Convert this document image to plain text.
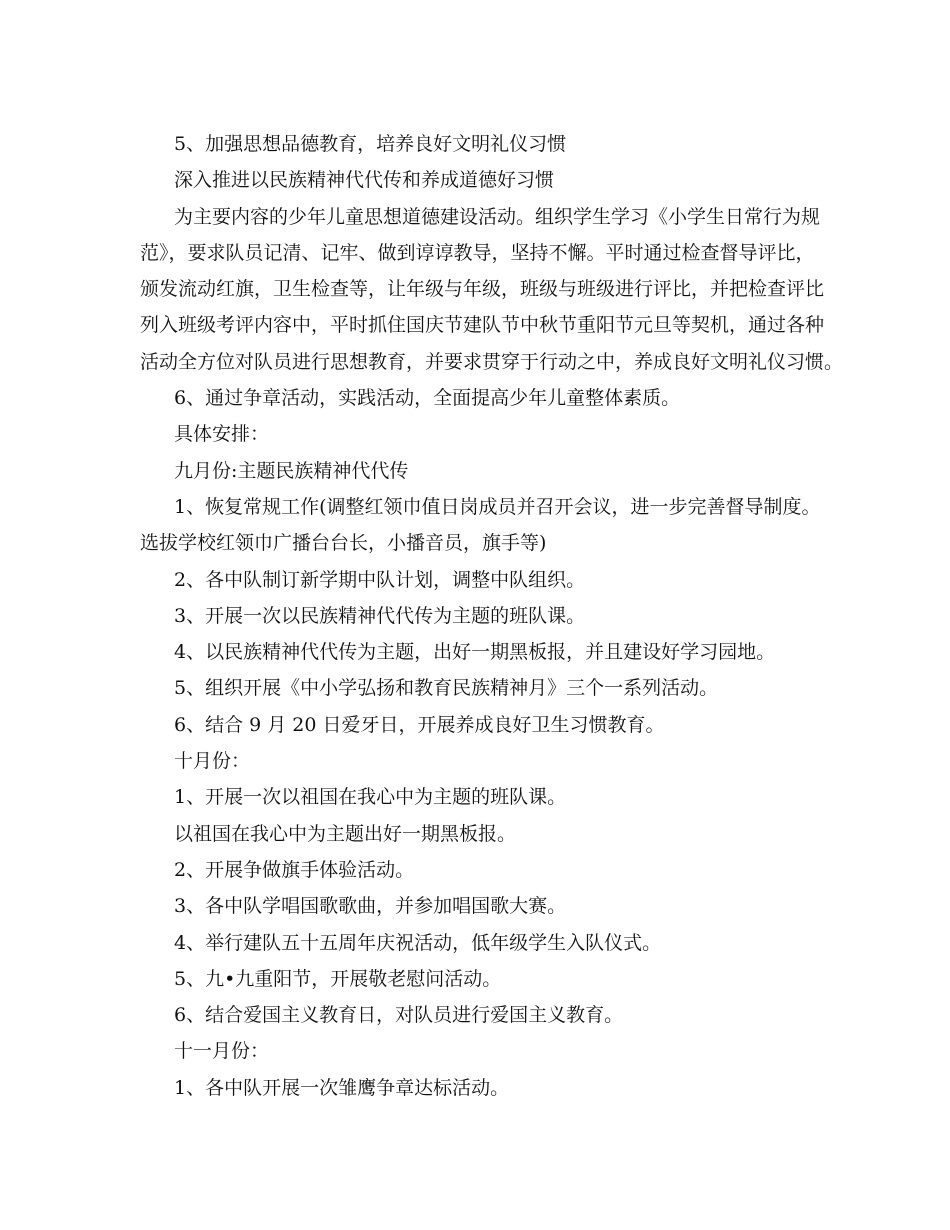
5、加强思想品德教育，培养良好文明礼仪习惯
深入推进以民族精神代代传和养成道德好习惯
为主要内容的少年儿童思想道德建设活动。组织学生学习《小学生日常行为规
范》，要求队员记清、记牢、做到谆谆教导，坚持不懈。平时通过检查督导评比，
颁发流动红旗，卫生检查等，让年级与年级，班级与班级进行评比，并把检查评比
列入班级考评内容中，平时抓住国庆节建队节中秋节重阳节元旦等契机，通过各种
活动全方位对队员进行思想教育，并要求贯穿于行动之中，养成良好文明礼仪习惯。
6、通过争章活动，实践活动，全面提高少年儿童整体素质。
具体安排：
九月份:主题民族精神代代传
1、恢复常规工作(调整红领巾值日岗成员并召开会议，进一步完善督导制度。
选拔学校红领巾广播台台长，小播音员，旗手等)
2、各中队制订新学期中队计划，调整中队组织。
3、开展一次以民族精神代代传为主题的班队课。
4、以民族精神代代传为主题，出好一期黑板报，并且建设好学习园地。
5、组织开展《中小学弘扬和教育民族精神月》三个一系列活动。
6、结合 9 月 20 日爱牙日，开展养成良好卫生习惯教育。
十月份：
1、开展一次以祖国在我心中为主题的班队课。
以祖国在我心中为主题出好一期黑板报。
2、开展争做旗手体验活动。
3、各中队学唱国歌歌曲，并参加唱国歌大赛。
4、举行建队五十五周年庆祝活动，低年级学生入队仪式。
5、九•九重阳节，开展敬老慰问活动。
6、结合爱国主义教育日，对队员进行爱国主义教育。
十一月份：
1、各中队开展一次雏鹰争章达标活动。
